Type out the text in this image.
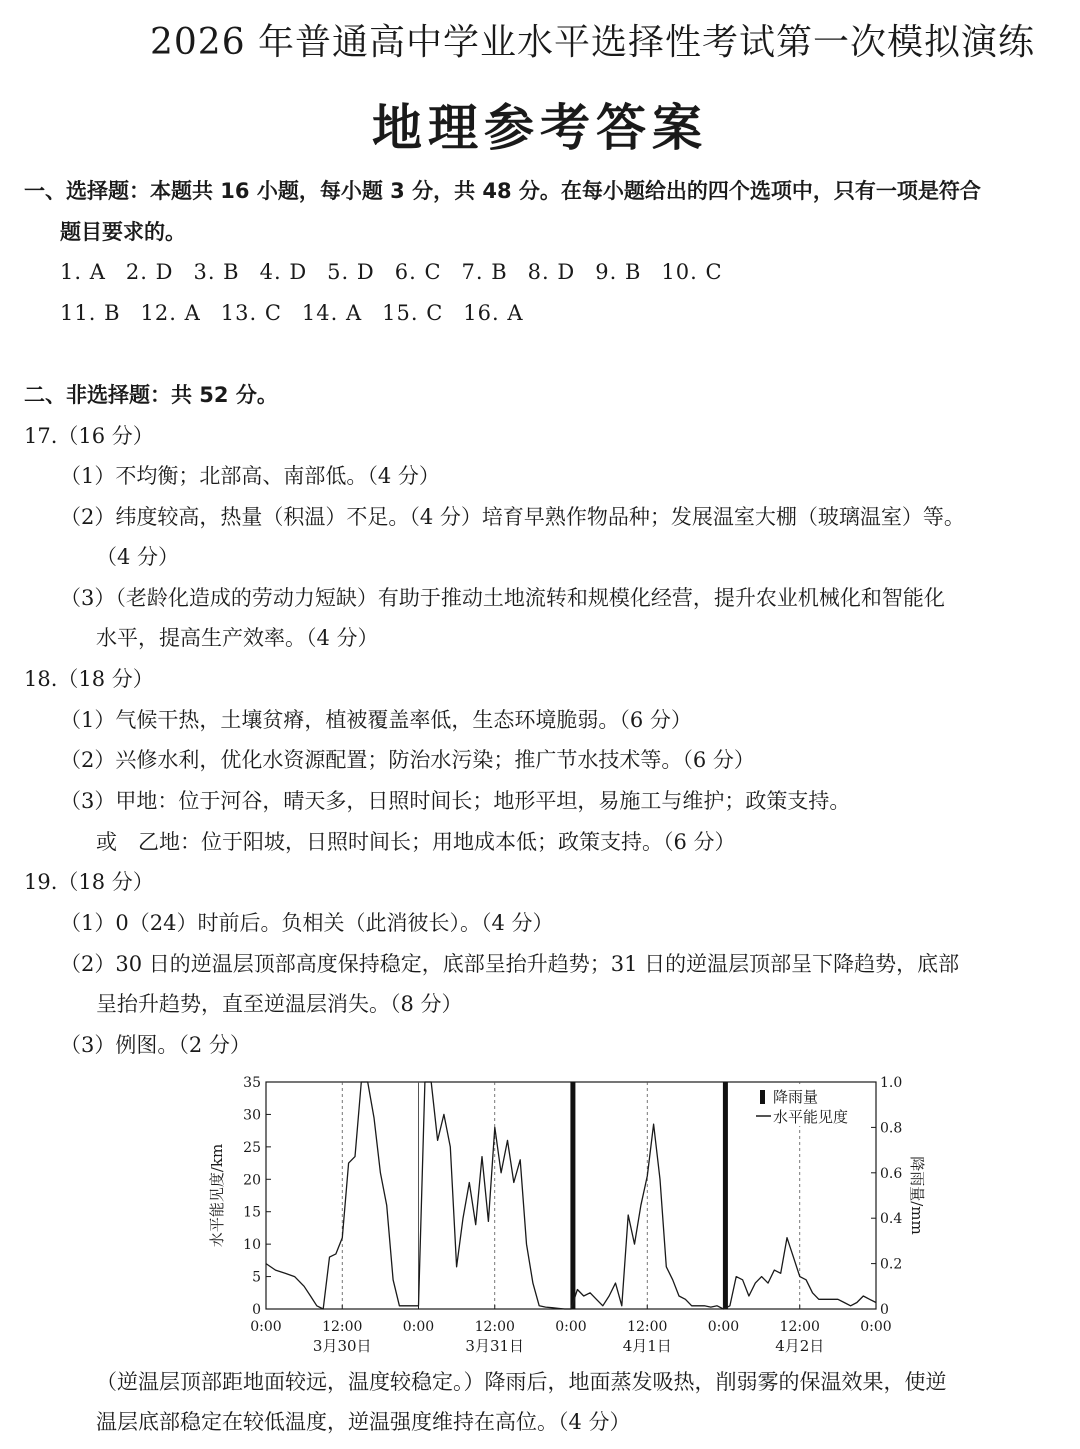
2026 年普通高中学业水平选择性考试第一次模拟演练
地理参考答案
一、选择题：本题共 16 小题，每小题 3 分，共 48 分。在每小题给出的四个选项中，只有一项是符合
题目要求的。
1. A 2. D 3. B 4. D 5. D 6. C 7. B 8. D 9. B 10. C
11. B 12. A 13. C 14. A 15. C 16. A
二、非选择题：共 52 分。
17.（16 分）
（1）不均衡；北部高、南部低。（4 分）
（2）纬度较高，热量（积温）不足。（4 分）培育早熟作物品种；发展温室大棚（玻璃温室）等。
（4 分）
（3）（老龄化造成的劳动力短缺）有助于推动土地流转和规模化经营，提升农业机械化和智能化
水平，提高生产效率。（4 分）
18.（18 分）
（1）气候干热，土壤贫瘠，植被覆盖率低，生态环境脆弱。（6 分）
（2）兴修水利，优化水资源配置；防治水污染；推广节水技术等。（6 分）
（3）甲地：位于河谷，晴天多，日照时间长；地形平坦，易施工与维护；政策支持。
或　乙地：位于阳坡，日照时间长；用地成本低；政策支持。（6 分）
19.（18 分）
（1）0（24）时前后。负相关（此消彼长）。（4 分）
（2）30 日的逆温层顶部高度保持稳定，底部呈抬升趋势；31 日的逆温层顶部呈下降趋势，底部
呈抬升趋势，直至逆温层消失。（8 分）
（3）例图。（2 分）
0
5
10
15
20
25
30
35
0
0.2
0.4
0.6
0.8
1.0
0:00	12:00	0:00	12:00	0:00	12:00	0:00	12:00	0:00
3月30日	3月31日	4月1日	4月2日
水平能见度/km	降雨量/mm
降雨量
水平能见度
（逆温层顶部距地面较远，温度较稳定。）降雨后，地面蒸发吸热，削弱雾的保温效果，使逆
温层底部稳定在较低温度，逆温强度维持在高位。（4 分）
